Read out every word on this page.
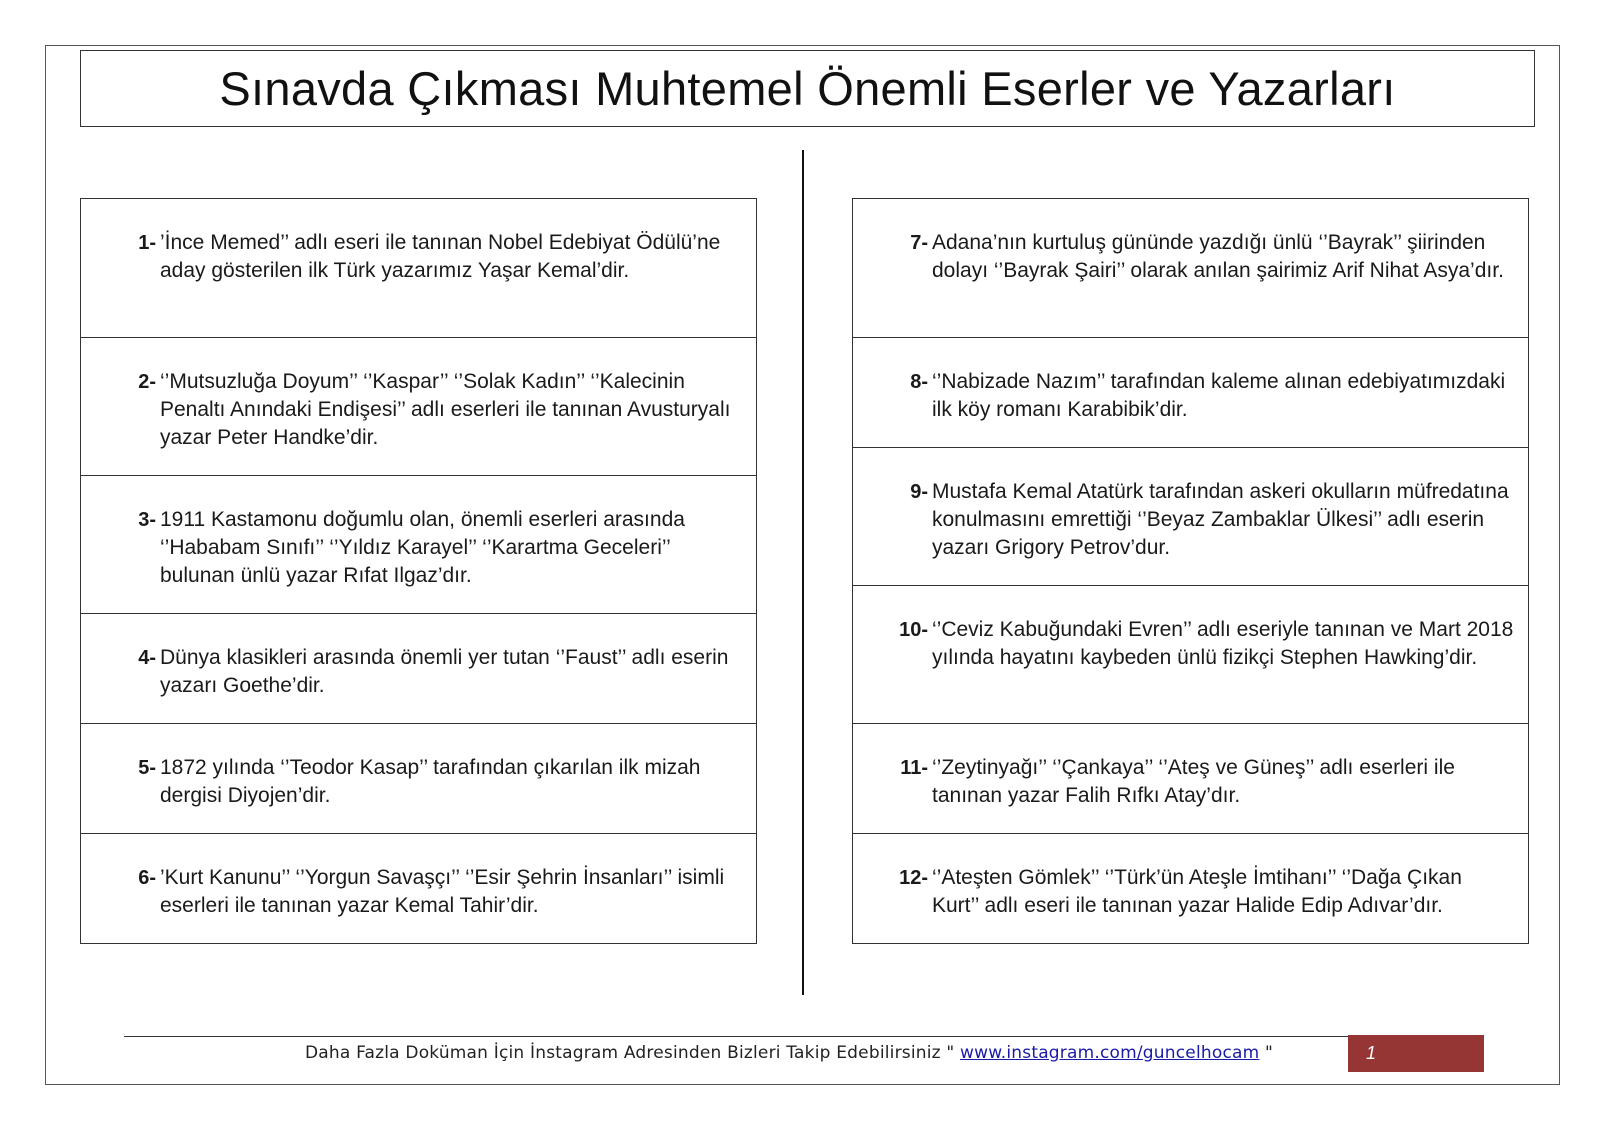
Sınavda Çıkması Muhtemel Önemli Eserler ve Yazarları
1- ’İnce Memed’’ adlı eseri ile tanınan Nobel Edebiyat Ödülü’ne aday gösterilen ilk Türk yazarımız Yaşar Kemal’dir.
2- ‘’Mutsuzluğa Doyum’’ ‘’Kaspar’’ ‘’Solak Kadın’’ ‘’Kalecinin Penaltı Anındaki Endişesi’’ adlı eserleri ile tanınan Avusturyalı yazar Peter Handke’dir.
3- 1911 Kastamonu doğumlu olan, önemli eserleri arasında ‘’Hababam Sınıfı’’ ‘’Yıldız Karayel’’ ‘’Karartma Geceleri’’ bulunan ünlü yazar Rıfat Ilgaz’dır.
4- Dünya klasikleri arasında önemli yer tutan ‘’Faust’’ adlı eserin yazarı Goethe’dir.
5- 1872 yılında ‘’Teodor Kasap’’ tarafından çıkarılan ilk mizah dergisi Diyojen’dir.
6- ’Kurt Kanunu’’ ‘’Yorgun Savaşçı’’ ‘’Esir Şehrin İnsanları’’ isimli eserleri ile tanınan yazar Kemal Tahir’dir.
7- Adana’nın kurtuluş gününde yazdığı ünlü ‘’Bayrak’’ şiirinden dolayı ‘’Bayrak Şairi’’ olarak anılan şairimiz Arif Nihat Asya’dır.
8- ‘’Nabizade Nazım’’ tarafından kaleme alınan edebiyatımızdaki ilk köy romanı Karabibik’dir.
9- Mustafa Kemal Atatürk tarafından askeri okulların müfredatına konulmasını emrettiği ‘’Beyaz Zambaklar Ülkesi’’ adlı eserin yazarı Grigory Petrov’dur.
10- ‘’Ceviz Kabuğundaki Evren’’ adlı eseriyle tanınan ve Mart 2018 yılında hayatını kaybeden ünlü fizikçi Stephen Hawking’dir.
11- ‘’Zeytinyağı’’ ‘’Çankaya’’ ‘’Ateş ve Güneş’’ adlı eserleri ile tanınan yazar Falih Rıfkı Atay’dır.
12- ‘’Ateşten Gömlek’’ ‘’Türk’ün Ateşle İmtihanı’’ ‘’Dağa Çıkan Kurt’’ adlı eseri ile tanınan yazar Halide Edip Adıvar’dır.
Daha Fazla Doküman İçin İnstagram Adresinden Bizleri Takip Edebilirsiniz " www.instagram.com/guncelhocam "	1
